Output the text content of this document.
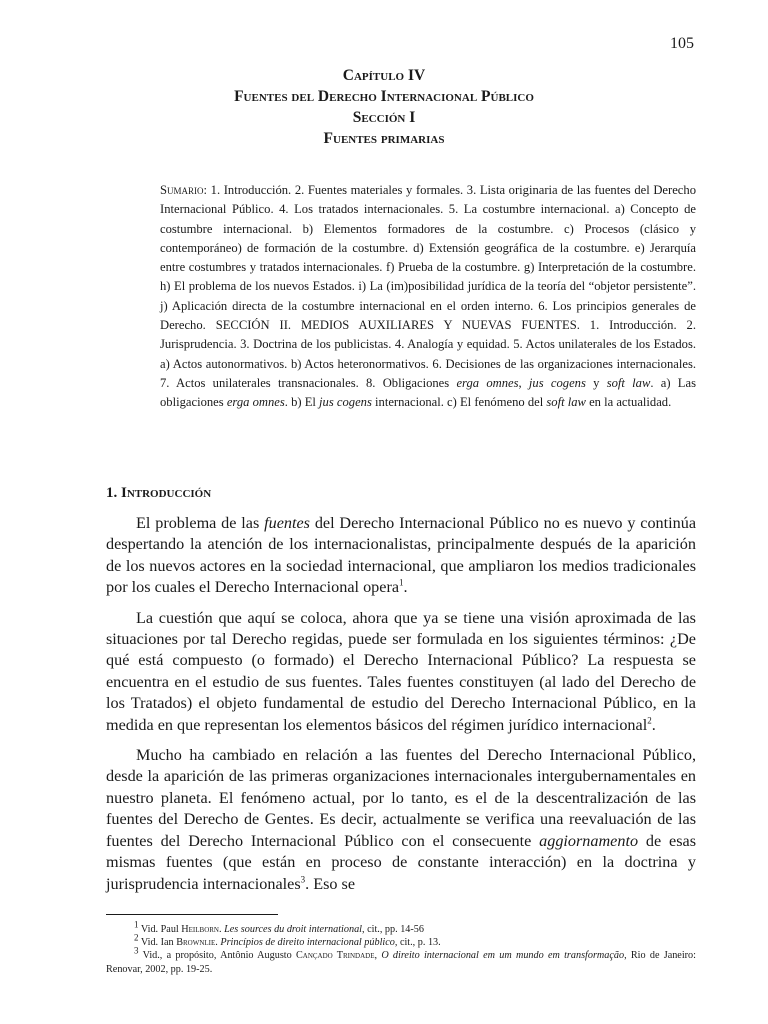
105
Capítulo IV
Fuentes del Derecho Internacional Público
Sección I
Fuentes primarias
Sumario: 1. Introducción. 2. Fuentes materiales y formales. 3. Lista originaria de las fuentes del Derecho Internacional Público. 4. Los tratados internacionales. 5. La costumbre internacional. a) Concepto de costumbre internacional. b) Elementos formadores de la costumbre. c) Procesos (clásico y contemporáneo) de formación de la costumbre. d) Extensión geográfica de la costumbre. e) Jerarquía entre costumbres y tratados internacionales. f) Prueba de la costumbre. g) Interpretación de la costumbre. h) El problema de los nuevos Estados. i) La (im)posibilidad jurídica de la teoría del “objetor persistente”. j) Aplicación directa de la costumbre internacional en el orden interno. 6. Los principios generales de Derecho. SECCIÓN II. MEDIOS AUXILIARES Y NUEVAS FUENTES. 1. Introducción. 2. Jurisprudencia. 3. Doctrina de los publicistas. 4. Analogía y equidad. 5. Actos unilaterales de los Estados. a) Actos autonormativos. b) Actos heteronormativos. 6. Decisiones de las organizaciones internacionales. 7. Actos unilaterales transnacionales. 8. Obligaciones erga omnes, jus cogens y soft law. a) Las obligaciones erga omnes. b) El jus cogens internacional. c) El fenómeno del soft law en la actualidad.
1. Introducción

El problema de las fuentes del Derecho Internacional Público no es nuevo y continúa despertando la atención de los internacionalistas, principalmente después de la aparición de los nuevos actores en la sociedad internacional, que ampliaron los medios tradicionales por los cuales el Derecho Internacional opera$^1$.

La cuestión que aquí se coloca, ahora que ya se tiene una visión aproximada de las situaciones por tal Derecho regidas, puede ser formulada en los siguientes términos: ¿De qué está compuesto (o formado) el Derecho Internacional Público? La respuesta se encuentra en el estudio de sus fuentes. Tales fuentes constituyen (al lado del Derecho de los Tratados) el objeto fundamental de estudio del Derecho Internacional Público, en la medida en que representan los elementos básicos del régimen jurídico internacional$^2$.

Mucho ha cambiado en relación a las fuentes del Derecho Internacional Público, desde la aparición de las primeras organizaciones internacionales intergubernamentales en nuestro planeta. El fenómeno actual, por lo tanto, es el de la descentralización de las fuentes del Derecho de Gentes. Es decir, actualmente se verifica una reevaluación de las fuentes del Derecho Internacional Público con el consecuente aggiornamento de esas mismas fuentes (que están en proceso de constante interacción) en la doctrina y jurisprudencia internacionales$^3$. Eso se

$^1$ Vid. Paul Heilborn. Les sources du droit international, cit., pp. 14-56
$^2$ Vid. Ian Brownlie. Princípios de direito internacional público, cit., p. 13.
$^3$ Vid., a propósito, Antônio Augusto Cançado Trindade, O direito internacional em um mundo em transformação, Rio de Janeiro: Renovar, 2002, pp. 19-25.
